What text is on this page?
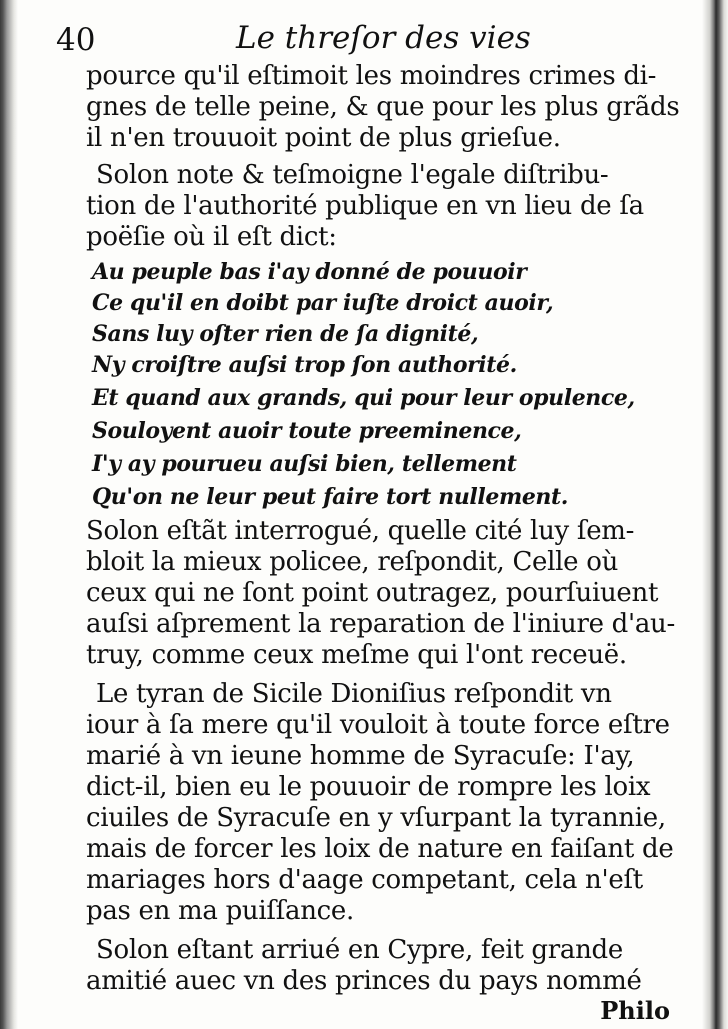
40	Le threſor des vies
pource qu'il eſtimoit les moindres crimes di-
gnes de telle peine, & que pour les plus grãds
il n'en trouuoit point de plus grieſue.
Solon note & teſmoigne l'egale diſtribu-
tion de l'authorité publique en vn lieu de ſa
poëſie où il eſt dict:
Au peuple bas i'ay donné de pouuoir
Ce qu'il en doibt par iuſte droict auoir,
Sans luy oſter rien de ſa dignité,
Ny croiſtre auſsi trop ſon authorité.
Et quand aux grands, qui pour leur opulence,
Souloyent auoir toute preeminence,
I'y ay pourueu auſsi bien, tellement
Qu'on ne leur peut faire tort nullement.
Solon eſtãt interrogué, quelle cité luy ſem-
bloit la mieux policee, reſpondit, Celle où
ceux qui ne ſont point outragez, pourſuiuent
auſsi aſprement la reparation de l'iniure d'au-
truy, comme ceux meſme qui l'ont receuë.
Le tyran de Sicile Dioniſius reſpondit vn
iour à ſa mere qu'il vouloit à toute force eſtre
marié à vn ieune homme de Syracuſe: I'ay,
dict-il, bien eu le pouuoir de rompre les loix
ciuiles de Syracuſe en y vſurpant la tyrannie,
mais de forcer les loix de nature en faiſant de
mariages hors d'aage competant, cela n'eſt
pas en ma puiſſance.
Solon eſtant arriué en Cypre, feit grande
amitié auec vn des princes du pays nommé
Philo
